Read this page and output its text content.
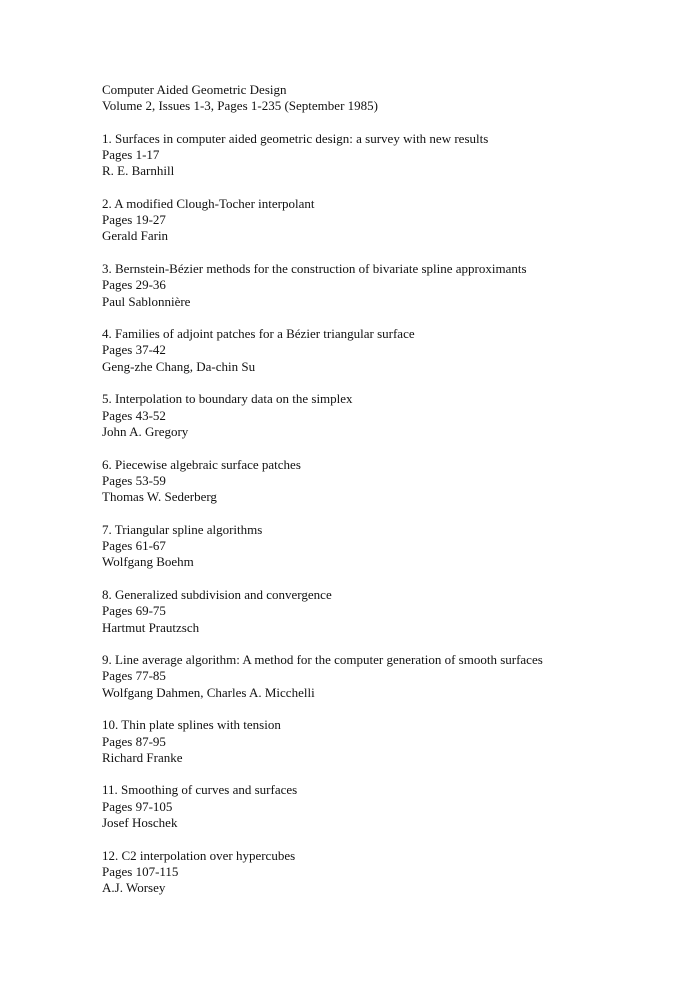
Computer Aided Geometric Design
Volume 2, Issues 1-3, Pages 1-235 (September 1985)
1. Surfaces in computer aided geometric design: a survey with new results
Pages 1-17
R. E. Barnhill
2. A modified Clough-Tocher interpolant
Pages 19-27
Gerald Farin
3. Bernstein-Bézier methods for the construction of bivariate spline approximants
Pages 29-36
Paul Sablonnière
4. Families of adjoint patches for a Bézier triangular surface
Pages 37-42
Geng-zhe Chang, Da-chin Su
5. Interpolation to boundary data on the simplex
Pages 43-52
John A. Gregory
6. Piecewise algebraic surface patches
Pages 53-59
Thomas W. Sederberg
7. Triangular spline algorithms
Pages 61-67
Wolfgang Boehm
8. Generalized subdivision and convergence
Pages 69-75
Hartmut Prautzsch
9. Line average algorithm: A method for the computer generation of smooth surfaces
Pages 77-85
Wolfgang Dahmen, Charles A. Micchelli
10. Thin plate splines with tension
Pages 87-95
Richard Franke
11. Smoothing of curves and surfaces
Pages 97-105
Josef Hoschek
12. C2 interpolation over hypercubes
Pages 107-115
A.J. Worsey
